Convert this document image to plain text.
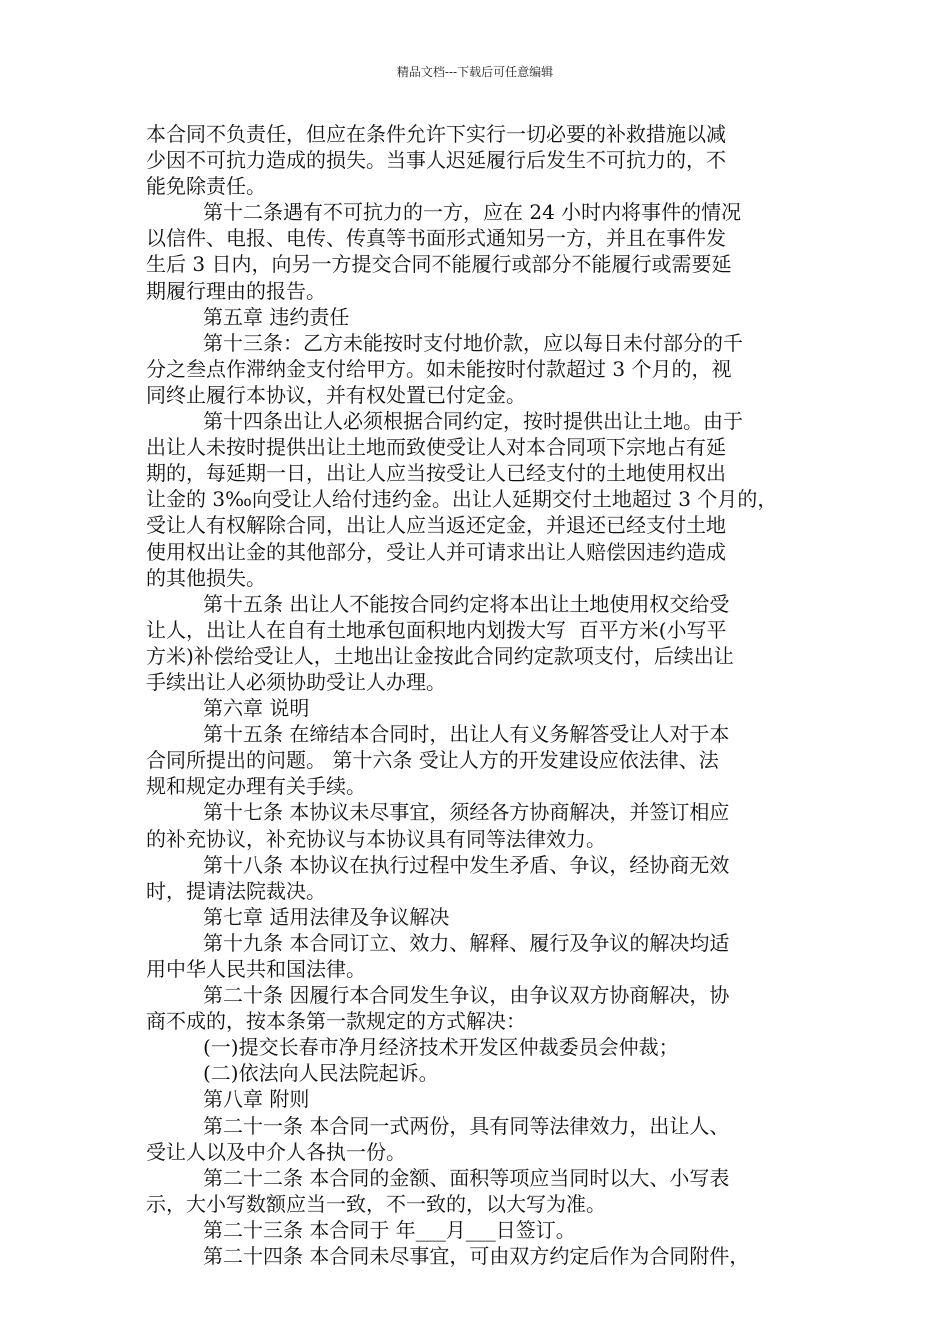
精品文档---下载后可任意编辑
本合同不负责任，但应在条件允许下实行一切必要的补救措施以减
少因不可抗力造成的损失。当事人迟延履行后发生不可抗力的，不
能免除责任。
第十二条遇有不可抗力的一方，应在 24 小时内将事件的情况
以信件、电报、电传、传真等书面形式通知另一方，并且在事件发
生后 3 日内，向另一方提交合同不能履行或部分不能履行或需要延
期履行理由的报告。
第五章 违约责任
第十三条：乙方未能按时支付地价款，应以每日未付部分的千
分之叁点作滞纳金支付给甲方。如未能按时付款超过 3 个月的，视
同终止履行本协议，并有权处置已付定金。
第十四条出让人必须根据合同约定，按时提供出让土地。由于
出让人未按时提供出让土地而致使受让人对本合同项下宗地占有延
期的，每延期一日，出让人应当按受让人已经支付的土地使用权出
让金的 3‰向受让人给付违约金。出让人延期交付土地超过 3 个月的，
受让人有权解除合同，出让人应当返还定金，并退还已经支付土地
使用权出让金的其他部分，受让人并可请求出让人赔偿因违约造成
的其他损失。
第十五条 出让人不能按合同约定将本出让土地使用权交给受
让人，出让人在自有土地承包面积地内划拨大写  百平方米(小写平
方米)补偿给受让人，土地出让金按此合同约定款项支付，后续出让
手续出让人必须协助受让人办理。
第六章 说明
第十五条 在缔结本合同时，出让人有义务解答受让人对于本
合同所提出的问题。 第十六条 受让人方的开发建设应依法律、法
规和规定办理有关手续。
第十七条 本协议未尽事宜，须经各方协商解决，并签订相应
的补充协议，补充协议与本协议具有同等法律效力。
第十八条 本协议在执行过程中发生矛盾、争议，经协商无效
时，提请法院裁决。
第七章 适用法律及争议解决
第十九条 本合同订立、效力、解释、履行及争议的解决均适
用中华人民共和国法律。
第二十条 因履行本合同发生争议，由争议双方协商解决，协
商不成的，按本条第一款规定的方式解决：
(一)提交长春市净月经济技术开发区仲裁委员会仲裁；
(二)依法向人民法院起诉。
第八章 附则
第二十一条 本合同一式两份，具有同等法律效力，出让人、
受让人以及中介人各执一份。
第二十二条 本合同的金额、面积等项应当同时以大、小写表
示，大小写数额应当一致，不一致的，以大写为准。
第二十三条 本合同于 年___月___日签订。
第二十四条 本合同未尽事宜，可由双方约定后作为合同附件，
